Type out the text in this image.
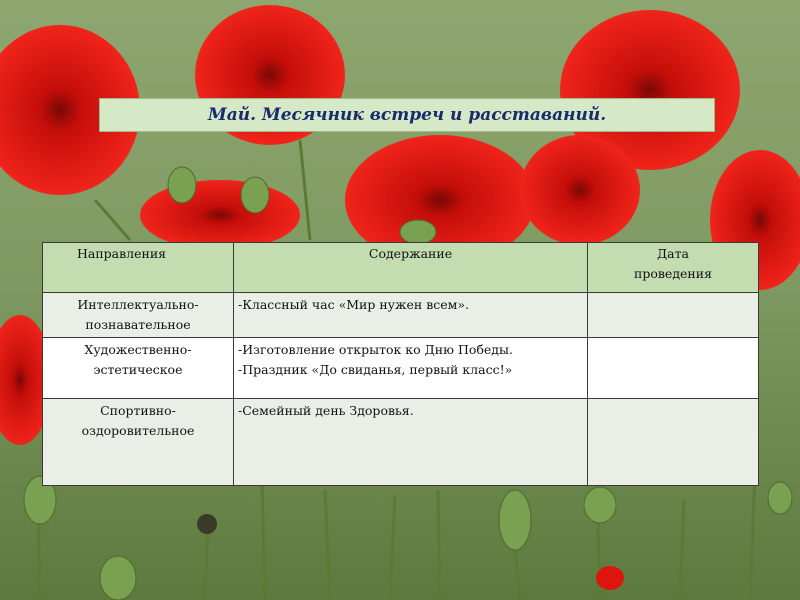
Май. Месячник встреч и расставаний.
Направления	Содержание	Дата
проведения

Интеллектуально-
познавательное	-Классный час «Мир нужен всем».	

Художественно-
эстетическое	-Изготовление открыток ко Дню Победы.
-Праздник «До свиданья, первый класс!»	

Спортивно-
оздоровительное	-Семейный день Здоровья.	
